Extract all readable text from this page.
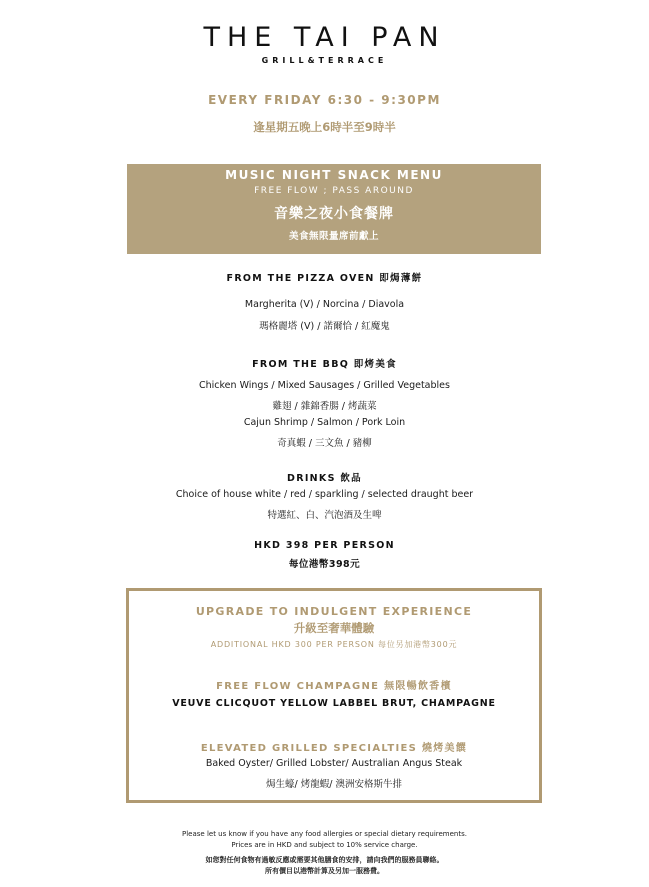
THE TAI PAN
GRILL&TERRACE
EVERY FRIDAY 6:30 - 9:30PM
逢星期五晚上6時半至9時半
MUSIC NIGHT SNACK MENU
FREE FLOW ; PASS AROUND
音樂之夜小食餐牌
美食無限量席前獻上
FROM THE PIZZA OVEN 即焗薄餅
Margherita (V) / Norcina / Diavola
瑪格麗塔 (V) / 諾爾恰 / 紅魔鬼
FROM THE BBQ 即烤美食
Chicken Wings / Mixed Sausages / Grilled Vegetables
雞翅 / 雜錦香腸 / 烤蔬菜
Cajun Shrimp / Salmon / Pork Loin
奇真蝦 / 三文魚 / 豬柳
DRINKS 飲品
Choice of house white / red / sparkling / selected draught beer
特選紅、白、汽泡酒及生啤
HKD 398 PER PERSON
每位港幣398元
UPGRADE TO INDULGENT EXPERIENCE
升級至奢華體驗
ADDITIONAL HKD 300 PER PERSON 每位另加港幣300元
FREE FLOW CHAMPAGNE 無限暢飲香檳
VEUVE CLICQUOT YELLOW LABBEL BRUT, CHAMPAGNE
ELEVATED GRILLED SPECIALTIES 燒烤美饌
Baked Oyster/ Grilled Lobster/ Australian Angus Steak
焗生蠔/ 烤龍蝦/ 澳洲安格斯牛排
Please let us know if you have any food allergies or special dietary requirements.
Prices are in HKD and subject to 10% service charge.
如您對任何食物有過敏反應或需要其他膳食的安排，請向我們的服務員聯絡。
所有價目以港幣計算及另加一服務費。
